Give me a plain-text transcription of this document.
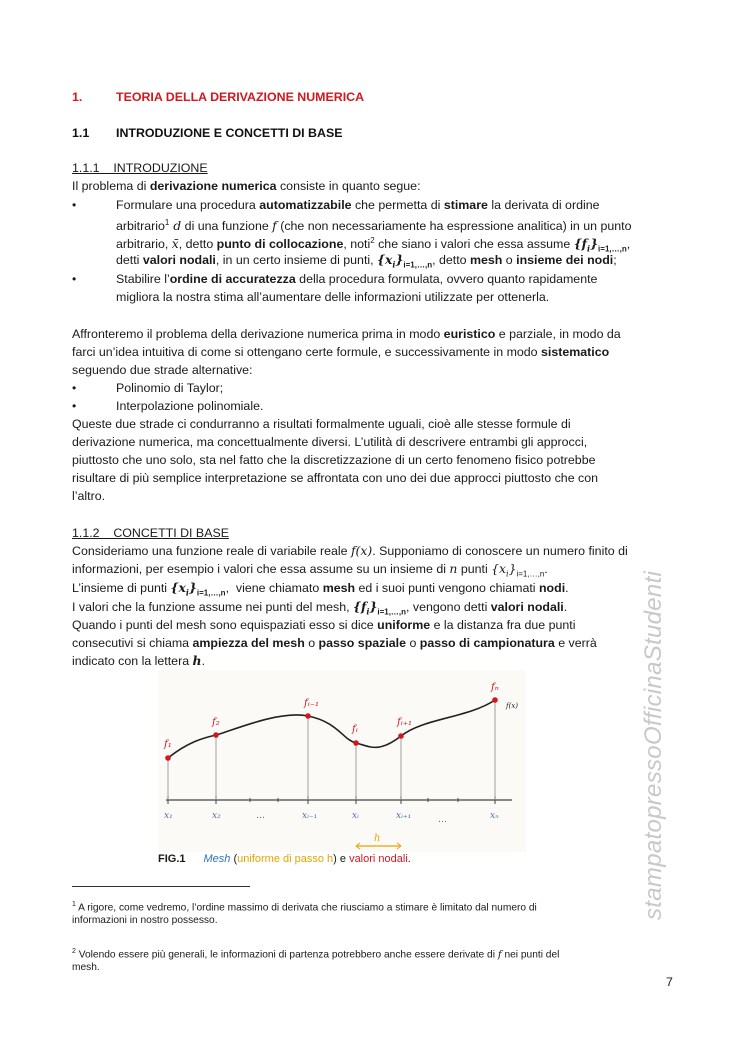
1.	TEORIA DELLA DERIVAZIONE NUMERICA
1.1 INTRODUZIONE E CONCETTI DI BASE
1.1.1    INTRODUZIONE
Il problema di derivazione numerica consiste in quanto segue:
•	Formulare una procedura automatizzabile che permetta di stimare la derivata di ordine
arbitrario$^1$ d di una funzione f (che non necessariamente ha espressione analitica) in un punto
arbitrario, x̄, detto punto di collocazione, noti$^2$ che siano i valori che essa assume $\{f_i\}_{i=1,\dots,n}$,
detti valori nodali, in un certo insieme di punti, $\{x_i\}_{i=1,\dots,n}$, detto mesh o insieme dei nodi;
•	Stabilire l’ordine di accuratezza della procedura formulata, ovvero quanto rapidamente
migliora la nostra stima all’aumentare delle informazioni utilizzate per ottenerla.
Affronteremo il problema della derivazione numerica prima in modo euristico e parziale, in modo da
farci un’idea intuitiva di come si ottengano certe formule, e successivamente in modo sistematico
seguendo due strade alternative:
•	Polinomio di Taylor;
•	Interpolazione polinomiale.
Queste due strade ci condurranno a risultati formalmente uguali, cioè alle stesse formule di
derivazione numerica, ma concettualmente diversi. L’utilità di descrivere entrambi gli approcci,
piuttosto che uno solo, sta nel fatto che la discretizzazione di un certo fenomeno fisico potrebbe
risultare di più semplice interpretazione se affrontata con uno dei due approcci piuttosto che con
l’altro.
1.1.2    CONCETTI DI BASE
Consideriamo una funzione reale di variabile reale f(x). Supponiamo di conoscere un numero finito di
informazioni, per esempio i valori che essa assume su un insieme di n punti $\{x_i\}_{i=1,\dots,n}$.
L’insieme di punti $\{x_i\}_{i=1,\dots,n}$,  viene chiamato mesh ed i suoi punti vengono chiamati nodi.
I valori che la funzione assume nei punti del mesh, $\{f_i\}_{i=1,\dots,n}$, vengono detti valori nodali.
Quando i punti del mesh sono equispaziati esso si dice uniforme e la distanza fra due punti
consecutivi si chiama ampiezza del mesh o passo spaziale o passo di campionatura e verrà
indicato con la lettera h.
f₁
f₂
fᵢ₋₁
fᵢ
fᵢ₊₁
fₙ
f(x)
x₁	x₂	xᵢ₋₁	xᵢ	xᵢ₊₁	xₙ
…	…
h
FIG.1 Mesh (uniforme di passo h) e valori nodali.
$^1$ A rigore, come vedremo, l’ordine massimo di derivata che riusciamo a stimare è limitato dal numero di
informazioni in nostro possesso.
$^2$ Volendo essere più generali, le informazioni di partenza potrebbero anche essere derivate di f nei punti del
mesh.
7
stampatopressoOfficinaStudenti
